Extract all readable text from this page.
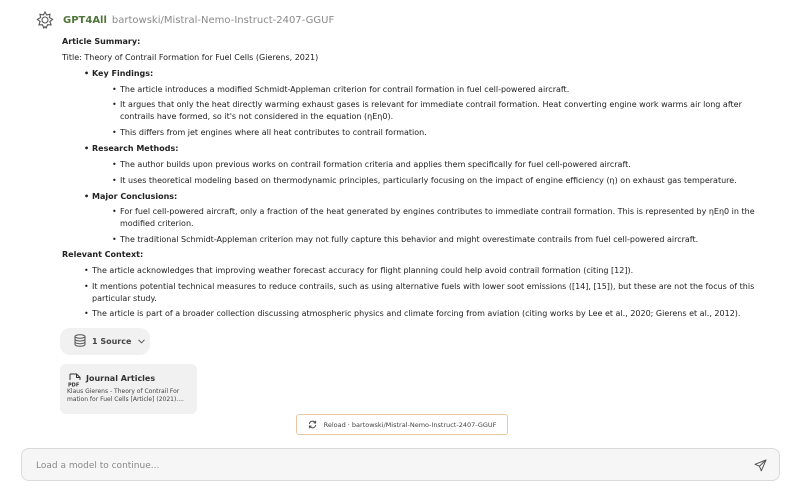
GPT4All bartowski/Mistral-Nemo-Instruct-2407-GGUF

Article Summary:

Title: Theory of Contrail Formation for Fuel Cells (Gierens, 2021)

• Key Findings:

• The article introduces a modified Schmidt-Appleman criterion for contrail formation in fuel cell-powered aircraft.

• It argues that only the heat directly warming exhaust gases is relevant for immediate contrail formation. Heat converting engine work warms air long after contrails have formed, so it's not considered in the equation (ηEη0).

• This differs from jet engines where all heat contributes to contrail formation.

• Research Methods:

• The author builds upon previous works on contrail formation criteria and applies them specifically for fuel cell-powered aircraft.

• It uses theoretical modeling based on thermodynamic principles, particularly focusing on the impact of engine efficiency (η) on exhaust gas temperature.

• Major Conclusions:

• For fuel cell-powered aircraft, only a fraction of the heat generated by engines contributes to immediate contrail formation. This is represented by ηEη0 in the modified criterion.

• The traditional Schmidt-Appleman criterion may not fully capture this behavior and might overestimate contrails from fuel cell-powered aircraft.

Relevant Context:

• The article acknowledges that improving weather forecast accuracy for flight planning could help avoid contrail formation (citing [12]).

• It mentions potential technical measures to reduce contrails, such as using alternative fuels with lower soot emissions ([14], [15]), but these are not the focus of this particular study.

• The article is part of a broader collection discussing atmospheric physics and climate forcing from aviation (citing works by Lee et al., 2020; Gierens et al., 2012).

1 Source
PDF
Journal Articles
Klaus Gierens - Theory of Contrail For mation for Fuel Cells [Article] (2021)....
Reload · bartowski/Mistral-Nemo-Instruct-2407-GGUF
Load a model to continue...
